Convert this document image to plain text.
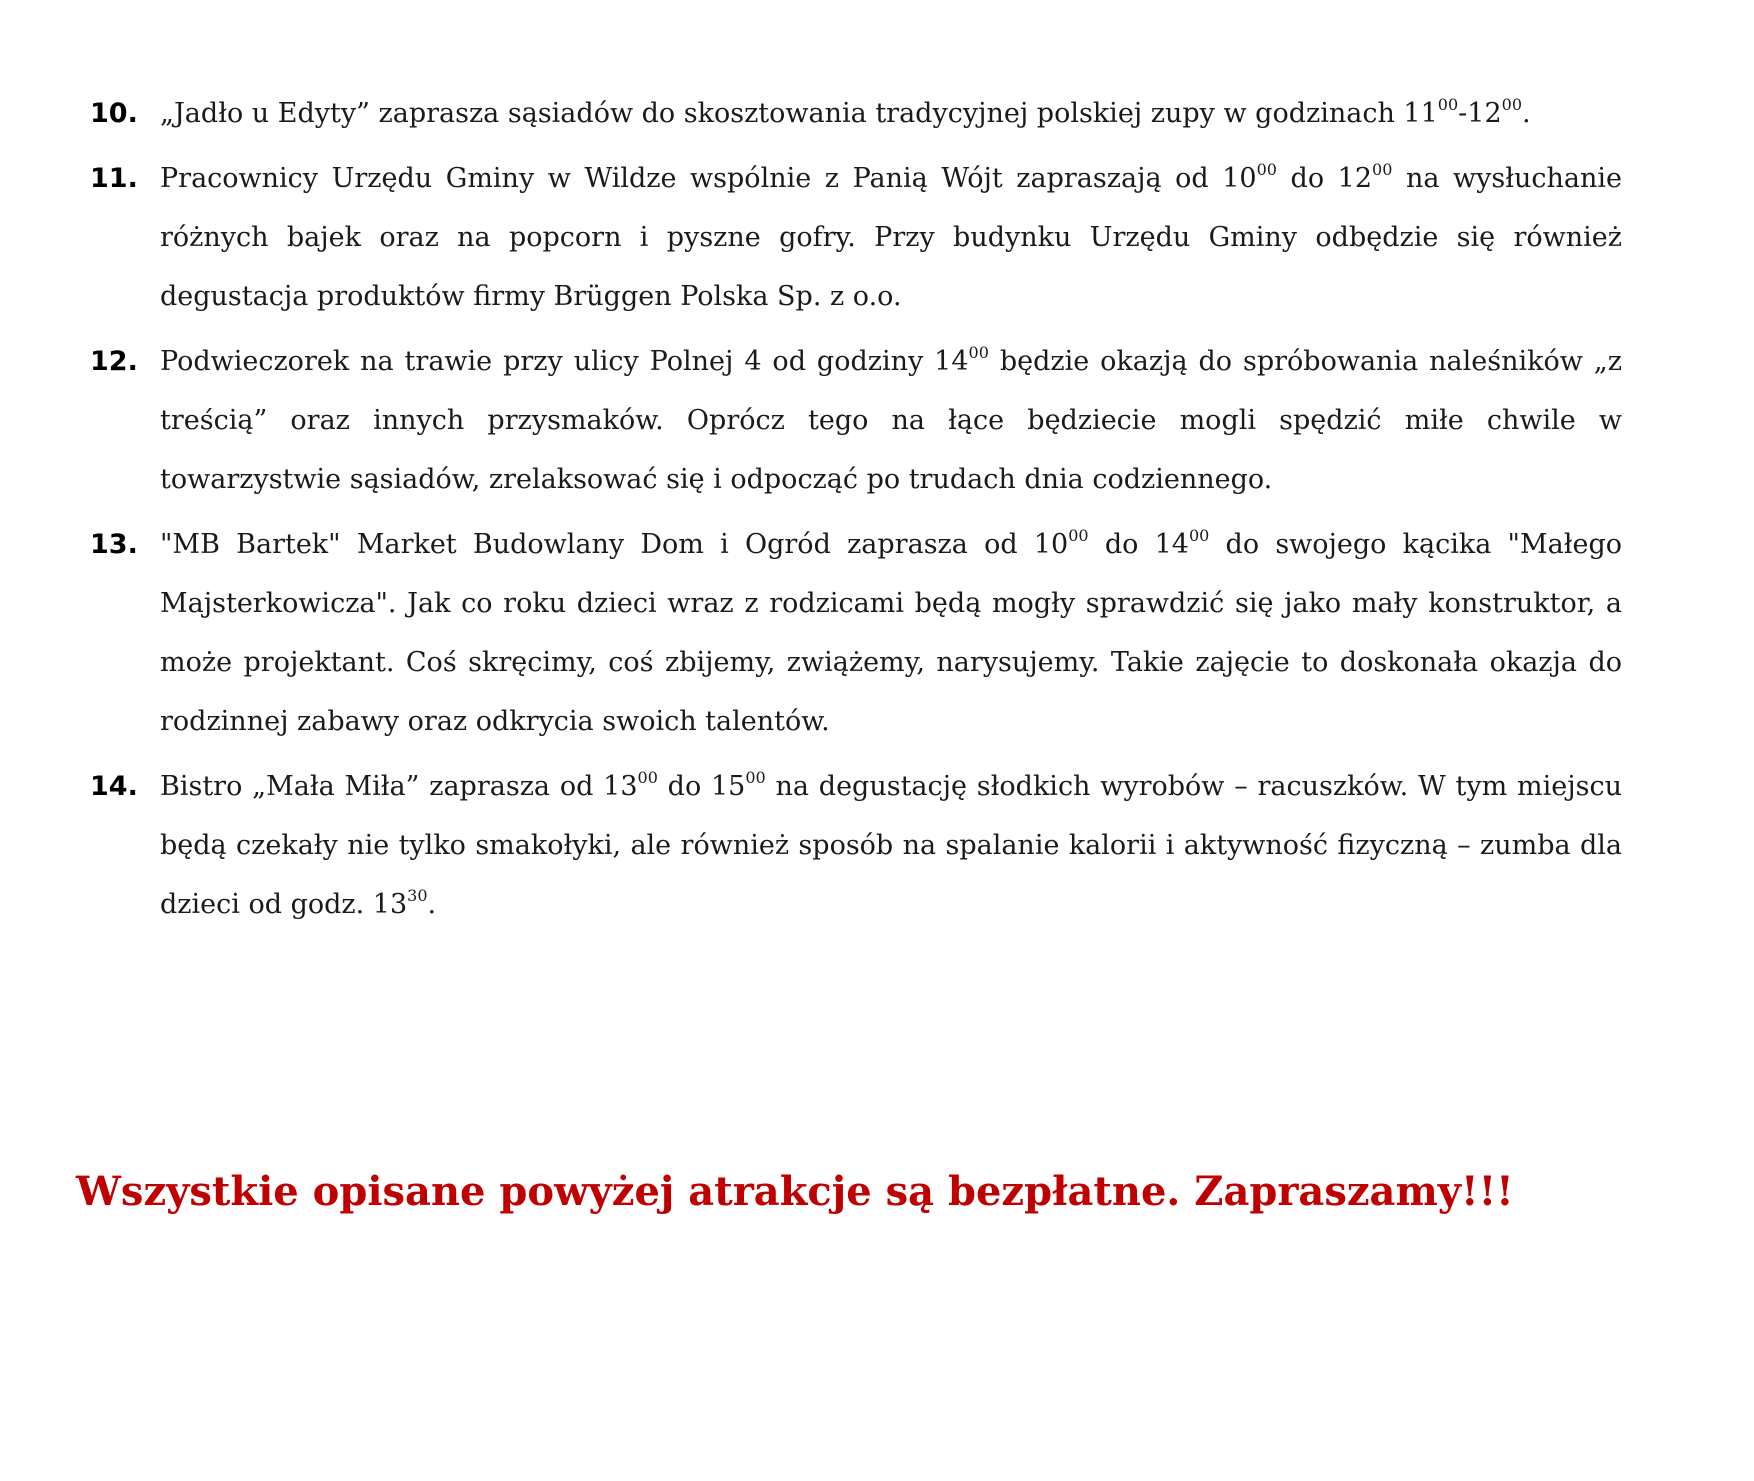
10. „Jadło u Edyty” zaprasza sąsiadów do skosztowania tradycyjnej polskiej zupy w godzinach $11^{00}-12^{00}$.
11. Pracownicy Urzędu Gminy w Wildze wspólnie z Panią Wójt zapraszają od $10^{00}$ do $12^{00}$ na wysłuchanie różnych bajek oraz na popcorn i pyszne gofry. Przy budynku Urzędu Gminy odbędzie się również degustacja produktów firmy Brüggen Polska Sp. z o.o.
12. Podwieczorek na trawie przy ulicy Polnej 4 od godziny $14^{00}$ będzie okazją do spróbowania naleśników „z treścią” oraz innych przysmaków. Oprócz tego na łące będziecie mogli spędzić miłe chwile w towarzystwie sąsiadów, zrelaksować się i odpocząć po trudach dnia codziennego.
13. "MB Bartek" Market Budowlany Dom i Ogród zaprasza od $10^{00}$ do $14^{00}$ do swojego kącika "Małego Majsterkowicza". Jak co roku dzieci wraz z rodzicami będą mogły sprawdzić się jako mały konstruktor, a może projektant. Coś skręcimy, coś zbijemy, zwiążemy, narysujemy. Takie zajęcie to doskonała okazja do rodzinnej zabawy oraz odkrycia swoich talentów.
14. Bistro „Mała Miła” zaprasza od $13^{00}$ do $15^{00}$ na degustację słodkich wyrobów – racuszków. W tym miejscu będą czekały nie tylko smakołyki, ale również sposób na spalanie kalorii i aktywność fizyczną – zumba dla dzieci od godz. $13^{30}$.
Wszystkie opisane powyżej atrakcje są bezpłatne. Zapraszamy!!!
